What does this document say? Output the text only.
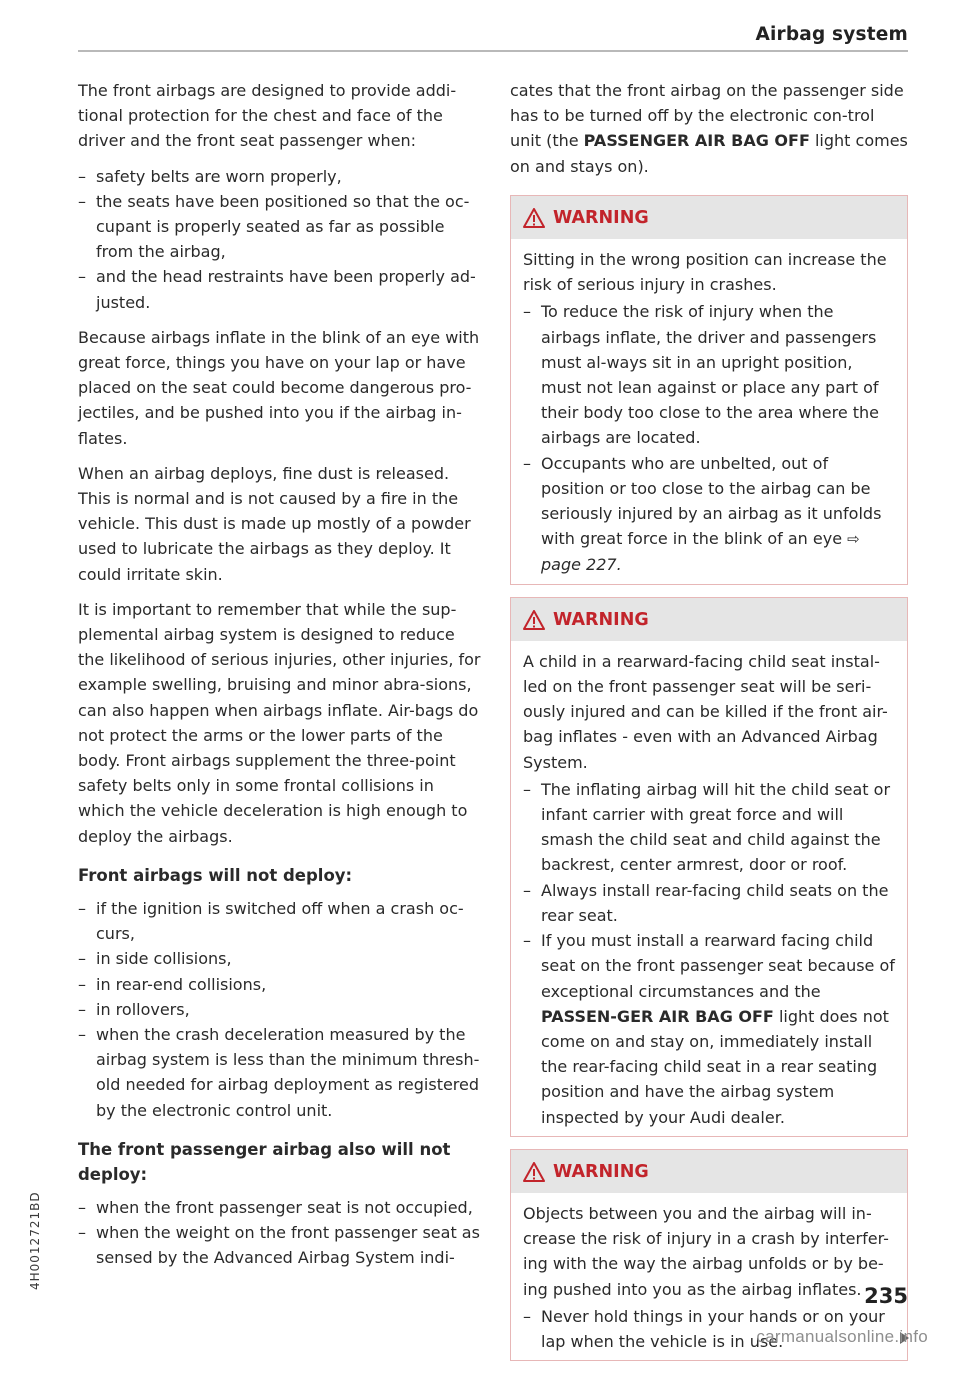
Airbag system

The front airbags are designed to provide addi-tional protection for the chest and face of the driver and the front seat passenger when:

– safety belts are worn properly,
– the seats have been positioned so that the oc-cupant is properly seated as far as possible from the airbag,
– and the head restraints have been properly ad-justed.

Because airbags inflate in the blink of an eye with great force, things you have on your lap or have placed on the seat could become dangerous pro-jectiles, and be pushed into you if the airbag in-flates.

When an airbag deploys, fine dust is released. This is normal and is not caused by a fire in the vehicle. This dust is made up mostly of a powder used to lubricate the airbags as they deploy. It could irritate skin.

It is important to remember that while the sup-plemental airbag system is designed to reduce the likelihood of serious injuries, other injuries, for example swelling, bruising and minor abra-sions, can also happen when airbags inflate. Air-bags do not protect the arms or the lower parts of the body. Front airbags supplement the three-point safety belts only in some frontal collisions in which the vehicle deceleration is high enough to deploy the airbags.

Front airbags will not deploy:
– if the ignition is switched off when a crash oc-curs,
– in side collisions,
– in rear-end collisions,
– in rollovers,
– when the crash deceleration measured by the airbag system is less than the minimum thresh-old needed for airbag deployment as registered by the electronic control unit.
The front passenger airbag also will not deploy:
– when the front passenger seat is not occupied,
– when the weight on the front passenger seat as sensed by the Advanced Airbag System indi-

cates that the front airbag on the passenger side has to be turned off by the electronic con-trol unit (the PASSENGER AIR BAG OFF light comes on and stays on).

WARNING

Sitting in the wrong position can increase the risk of serious injury in crashes.

– To reduce the risk of injury when the airbags inflate, the driver and passengers must al-ways sit in an upright position, must not lean against or place any part of their body too close to the area where the airbags are located.
– Occupants who are unbelted, out of position or too close to the airbag can be seriously injured by an airbag as it unfolds with great force in the blink of an eye ⇨ page 227.
WARNING

A child in a rearward-facing child seat instal-led on the front passenger seat will be seri-ously injured and can be killed if the front air-bag inflates - even with an Advanced Airbag System.

– The inflating airbag will hit the child seat or infant carrier with great force and will smash the child seat and child against the backrest, center armrest, door or roof.
– Always install rear-facing child seats on the rear seat.
– If you must install a rearward facing child seat on the front passenger seat because of exceptional circumstances and the PASSEN-GER AIR BAG OFF light does not come on and stay on, immediately install the rear-facing child seat in a rear seating position and have the airbag system inspected by your Audi dealer.
WARNING

Objects between you and the airbag will in-crease the risk of injury in a crash by interfer-ing with the way the airbag unfolds or by be-ing pushed into you as the airbag inflates.

– Never hold things in your hands or on your lap when the vehicle is in use.
235
4H0012721BD
carmanualsonline.info
